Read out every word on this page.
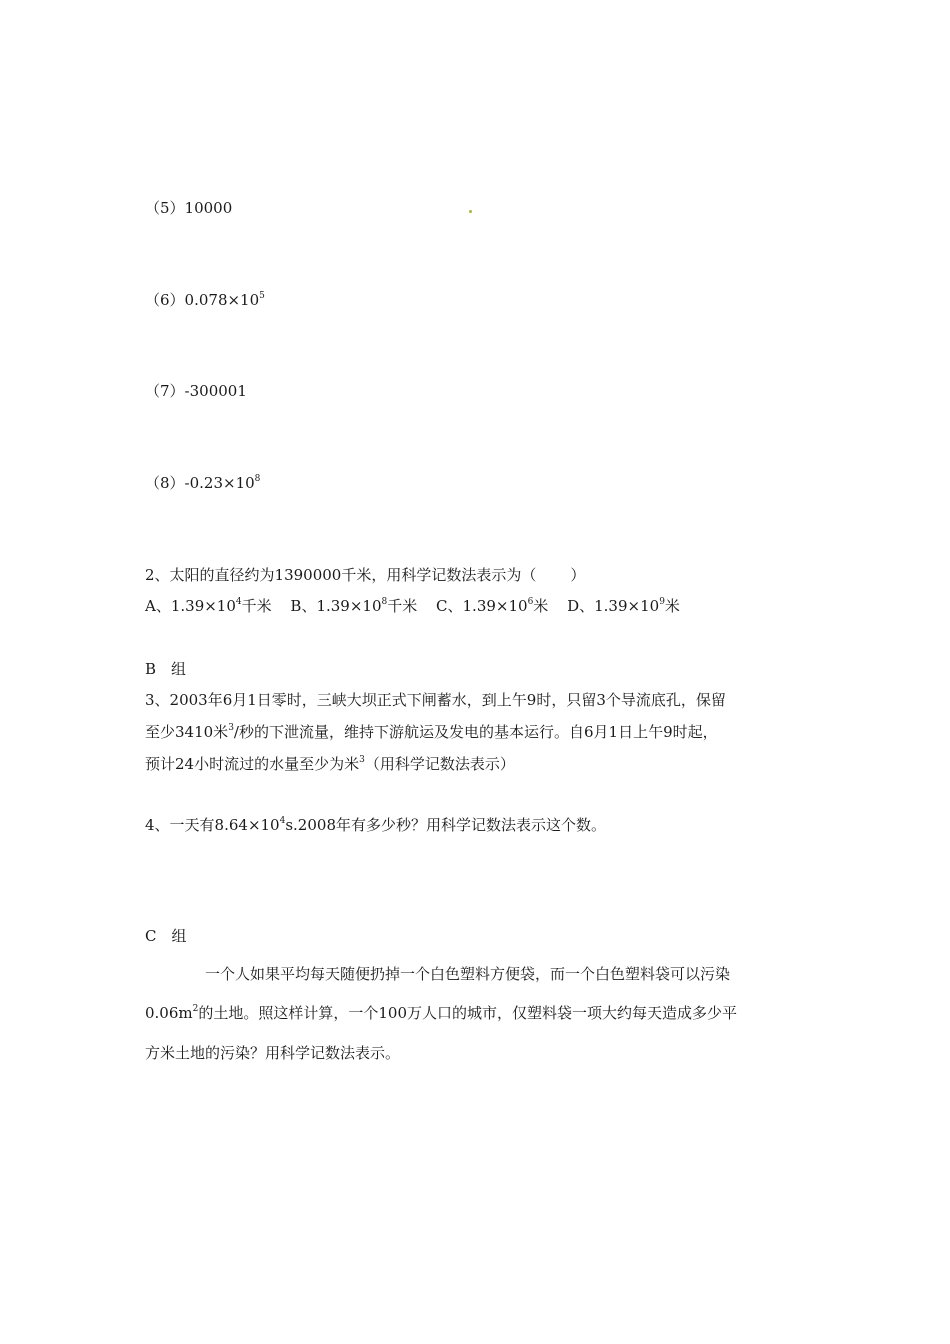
（5）10000
$(6)0.078\times 10^5$
（7）-300001
$(8)-0.23\times 10^8$
2、太阳的直径约为1390000千米，用科学记数法表示为（ ）
A、$1.39\times 10^4$千米 B、$1.39\times 10^8$千米 C、$1.39\times 10^6$米 D、$1.39\times 10^9$米
B　组
3、2003年6月1日零时，三峡大坝正式下闸蓄水，到上午9时，只留3个导流底孔，保留
至少3410米$^3$/秒的下泄流量，维持下游航运及发电的基本运行。自6月1日上午9时起，
预计24小时流过的水量至少为米$^3$（用科学记数法表示）
4、一天有$8.64\times 10^4s.2008$年有多少秒？用科学记数法表示这个数。
C　组
一个人如果平均每天随便扔掉一个白色塑料方便袋，而一个白色塑料袋可以污染
$0.06m^2$的土地。照这样计算，一个100万人口的城市，仅塑料袋一项大约每天造成多少平
方米土地的污染？用科学记数法表示。
